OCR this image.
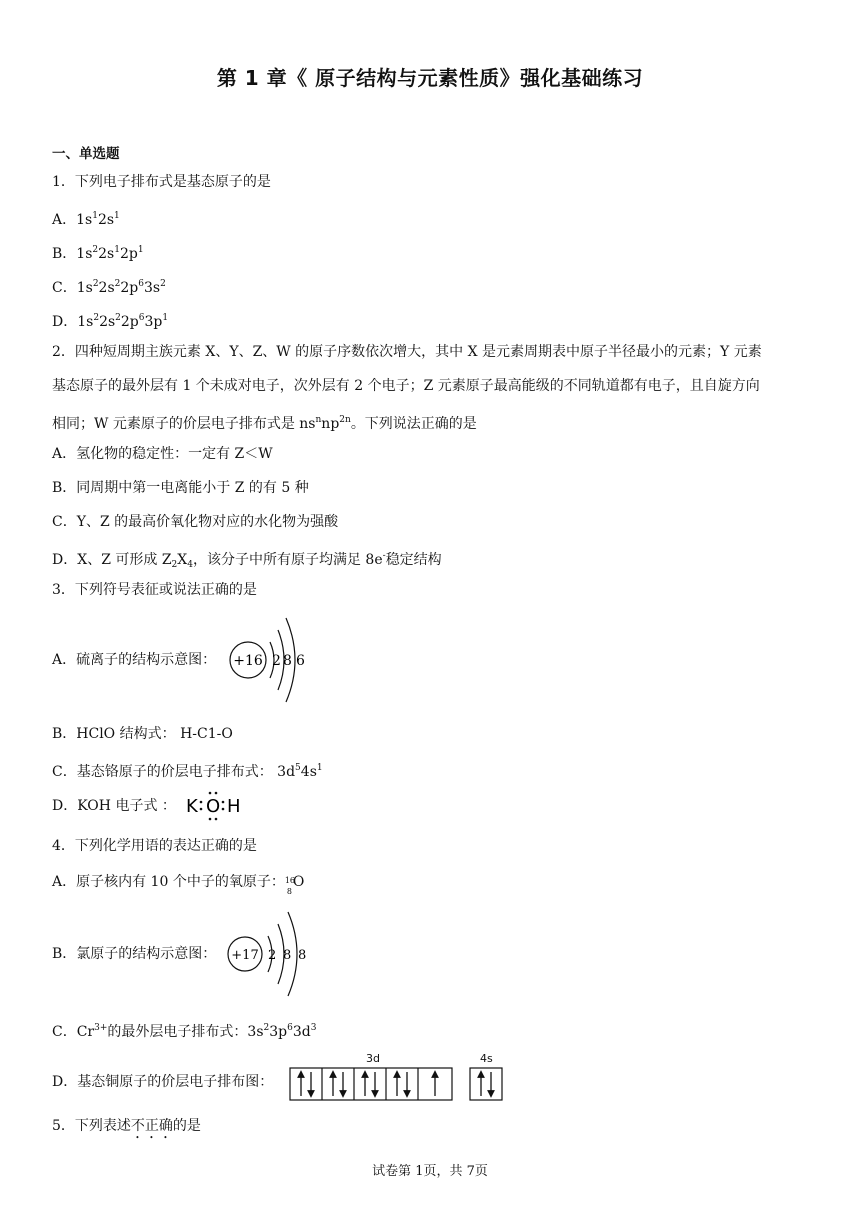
第 1 章《 原子结构与元素性质》强化基础练习
一、单选题
1．下列电子排布式是基态原子的是
A．$1s^12s^1$
B．$1s^22s^12p^1$
C．$1s^22s^22p^63s^2$
D．$1s^22s^22p^63p^1$
2．四种短周期主族元素 X、Y、Z、W 的原子序数依次增大，其中 X 是元素周期表中原子半径最小的元素；Y 元素
基态原子的最外层有 1 个未成对电子，次外层有 2 个电子；Z 元素原子最高能级的不同轨道都有电子，且自旋方向
相同；W 元素原子的价层电子排布式是 $ns^nnp^{2n}$。下列说法正确的是
A．氢化物的稳定性：一定有 Z＜W
B．同周期中第一电离能小于 Z 的有 5 种
C．Y、Z 的最高价氧化物对应的水化物为强酸
D．X、Z 可形成 $Z_2X_4$，该分子中所有原子均满足 8e-稳定结构
3．下列符号表征或说法正确的是
A．硫离子的结构示意图： +16 2 8 6
B．HClO 结构式： H-C1-O
C．基态铬原子的价层电子排布式： $3d^54s^1$
D．KOH 电子式 ： K O H
4．下列化学用语的表达正确的是
A．原子核内有 10 个中子的氧原子： 16
8
O
B．氯原子的结构示意图： +17 2 8 8
C．$Cr^{3+}$的最外层电子排布式：$3s^23p^63d^3$
D．基态铜原子的价层电子排布图：
3d	4s
5．下列表述不正确的是
试卷第 1页，共 7页
